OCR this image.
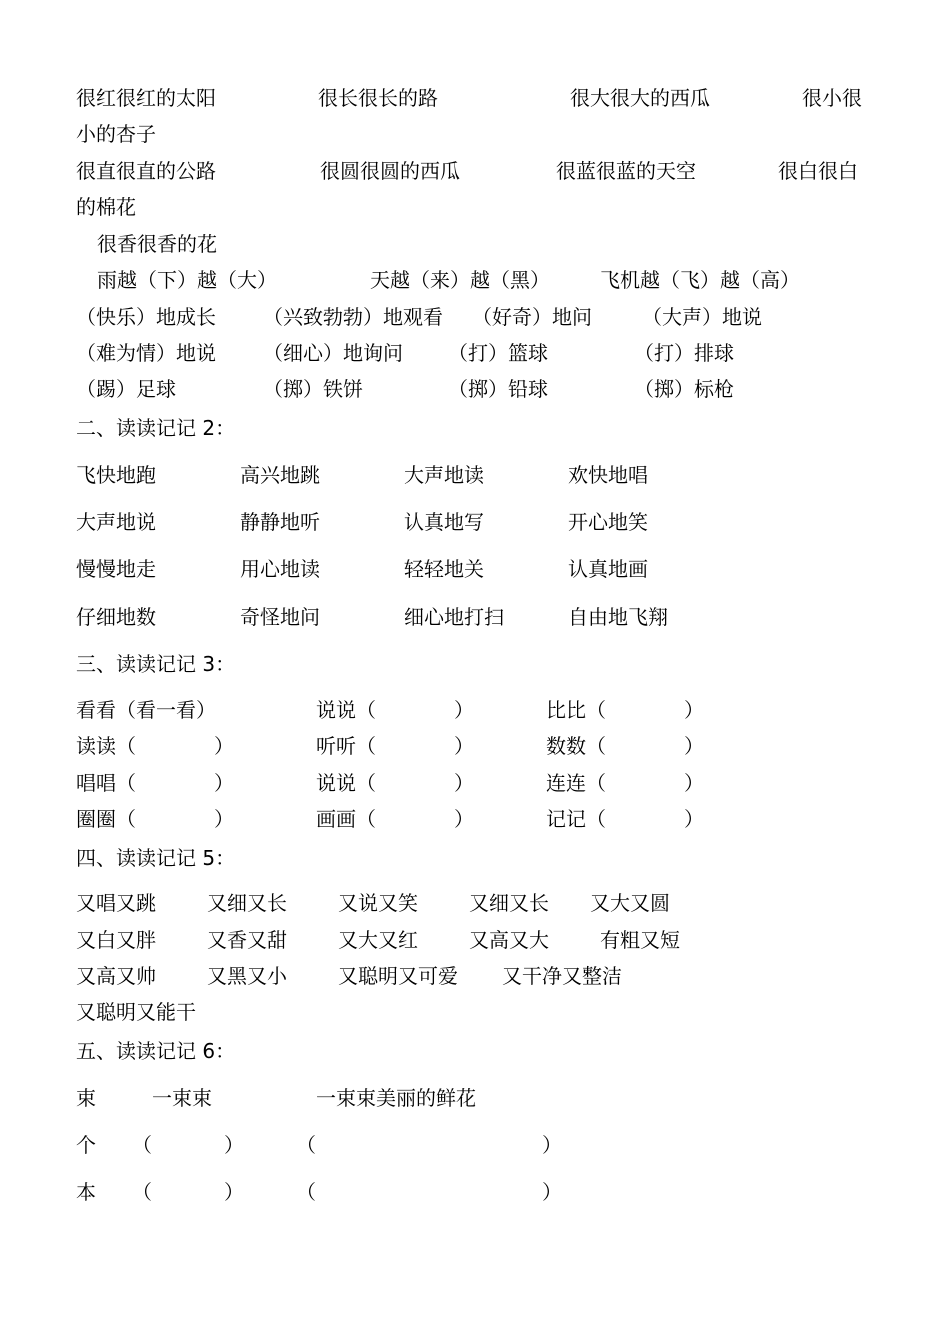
很红很红的太阳	很长很长的路	很大很大的西瓜	很小很
小的杏子
很直很直的公路	很圆很圆的西瓜	很蓝很蓝的天空	很白很白
的棉花
很香很香的花
雨越（下）越（大）	天越（来）越（黑）	飞机越（飞）越（高）
（快乐）地成长 （兴致勃勃）地观看 （好奇）地问	（大声）地说
（难为情）地说 （细心）地询问 （打）篮球	（打）排球
（踢）足球	（掷）铁饼	（掷）铅球	（掷）标枪
二、读读记记 2：
飞快地跑	高兴地跳	大声地读	欢快地唱
大声地说	静静地听	认真地写	开心地笑
慢慢地走	用心地读	轻轻地关	认真地画
仔细地数	奇怪地问	细心地打扫	自由地飞翔
三、读读记记 3：
看看（看一看）	说说（	）	比比（	）
读读（	）	听听（	）	数数（	）
唱唱（	）	说说（	）	连连（	）
圈圈（	）	画画（	）	记记（	）
四、读读记记 5：
又唱又跳	又细又长	又说又笑	又细又长 又大又圆
又白又胖	又香又甜	又大又红	又高又大	有粗又短
又高又帅	又黑又小	又聪明又可爱 又干净又整洁
又聪明又能干
五、读读记记 6：
束	一束束	一束束美丽的鲜花
个 （	）	（	）
本 （	）	（	）
